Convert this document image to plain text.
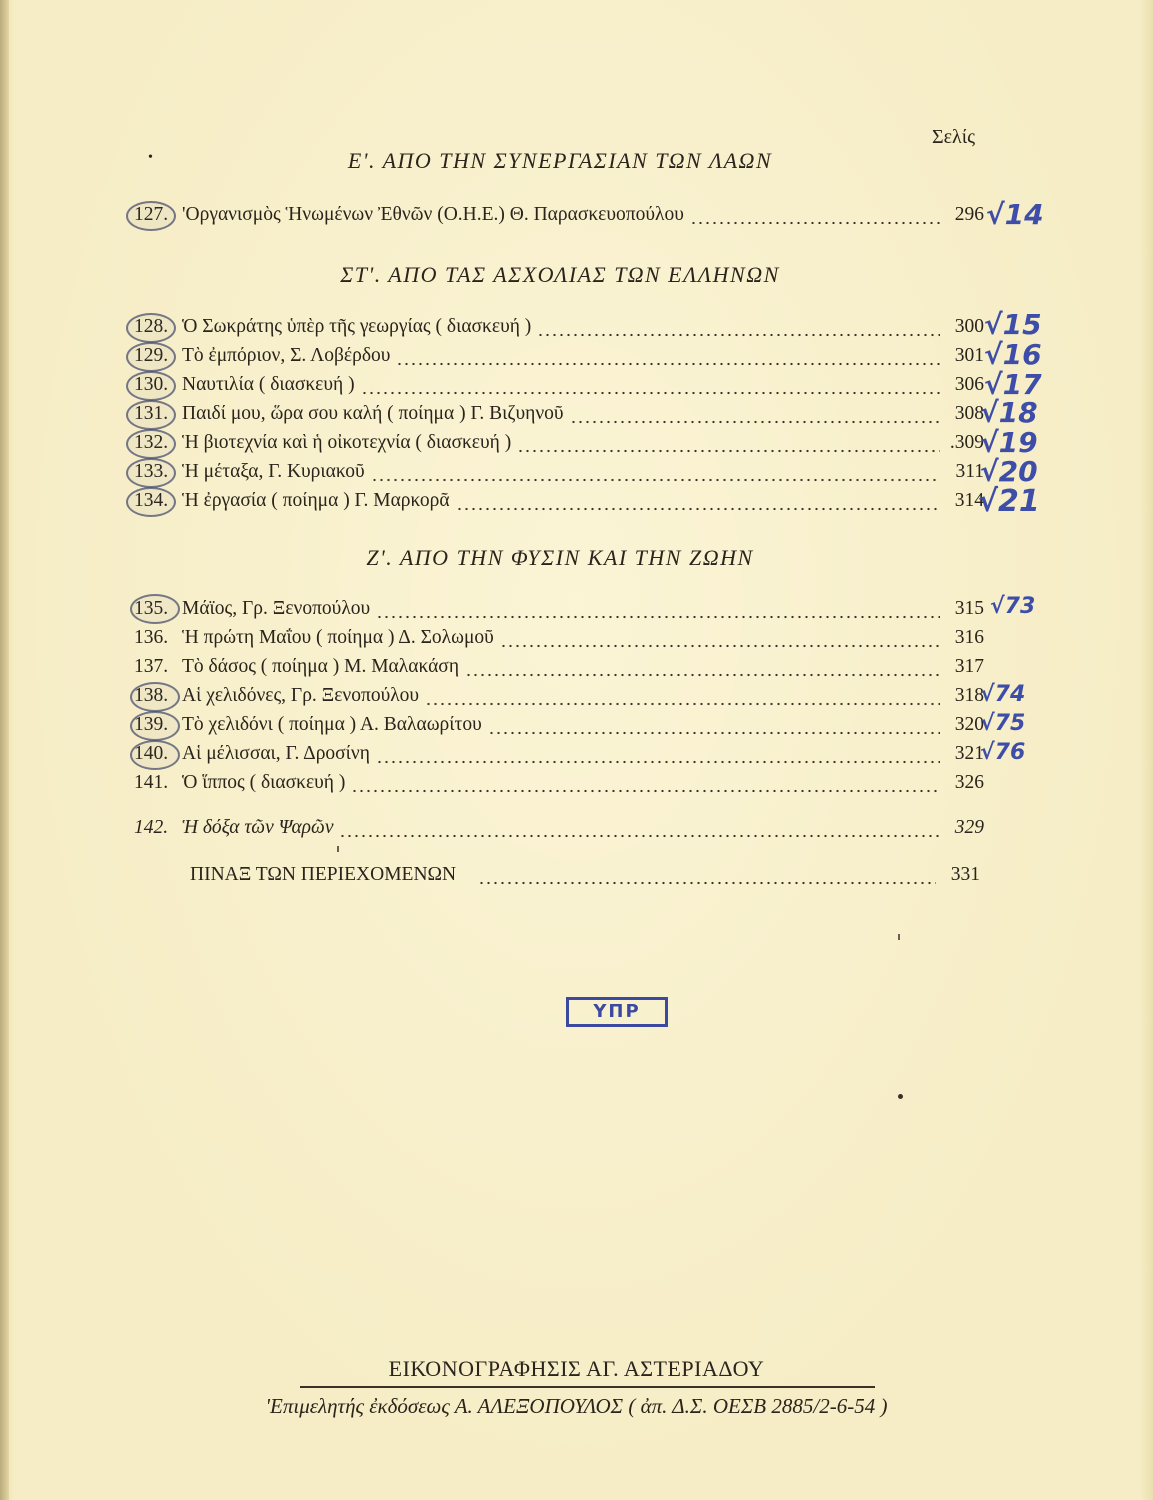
•
Σελίς
Ε'. ΑΠΟ ΤΗΝ ΣΥΝΕΡΓΑΣΙΑΝ ΤΩΝ ΛΑΩΝ
127. 'Οργανισμὸς Ἡνωμένων Ἐθνῶν (Ο.Η.Ε.) Θ. Παρασκευοπούλου	296
ΣΤ'. ΑΠΟ ΤΑΣ ΑΣΧΟΛΙΑΣ ΤΩΝ ΕΛΛΗΝΩΝ
128. Ὁ Σωκράτης ὑπὲρ τῆς γεωργίας ( διασκευή )	300
129. Τὸ ἐμπόριον, Σ. Λοβέρδου	301
130. Ναυτιλία ( διασκευή )	306
131. Παιδί μου, ὥρα σου καλή ( ποίημα ) Γ. Βιζυηνοῦ	308
132. Ἡ βιοτεχνία καὶ ἡ οἰκοτεχνία ( διασκευή )	.309
133. Ἡ μέταξα, Γ. Κυριακοῦ	311
134. Ἡ ἐργασία ( ποίημα ) Γ. Μαρκορᾶ	314
Ζ'. ΑΠΟ ΤΗΝ ΦΥΣΙΝ ΚΑΙ ΤΗΝ ΖΩΗΝ
135. Μάϊος, Γρ. Ξενοπούλου	315
136. Ἡ πρώτη Μαΐου ( ποίημα ) Δ. Σολωμοῦ	316
137. Τὸ δάσος ( ποίημα ) Μ. Μαλακάση	317
138. Αἱ χελιδόνες, Γρ. Ξενοπούλου	318
139. Τὸ χελιδόνι ( ποίημα ) Α. Βαλαωρίτου	320
140. Αἱ μέλισσαι, Γ. Δροσίνη	321
141. Ὁ ἵππος ( διασκευή )	326
142. Ἡ δόξα τῶν Ψαρῶν	329
ΠΙΝΑΞ ΤΩΝ ΠΕΡΙΕΧΟΜΕΝΩΝ	331
√14
√15
√16
√17
√18
√19
√20
√21
√73
√74
√75
√76
ΥΠΡ
ΕΙΚΟΝΟΓΡΑΦΗΣΙΣ ΑΓ. ΑΣΤΕΡΙΑΔΟΥ
'Επιμελητής ἐκδόσεως Α. ΑΛΕΞΟΠΟΥΛΟΣ ( ἀπ. Δ.Σ. ΟΕΣΒ 2885/2-6-54 )
